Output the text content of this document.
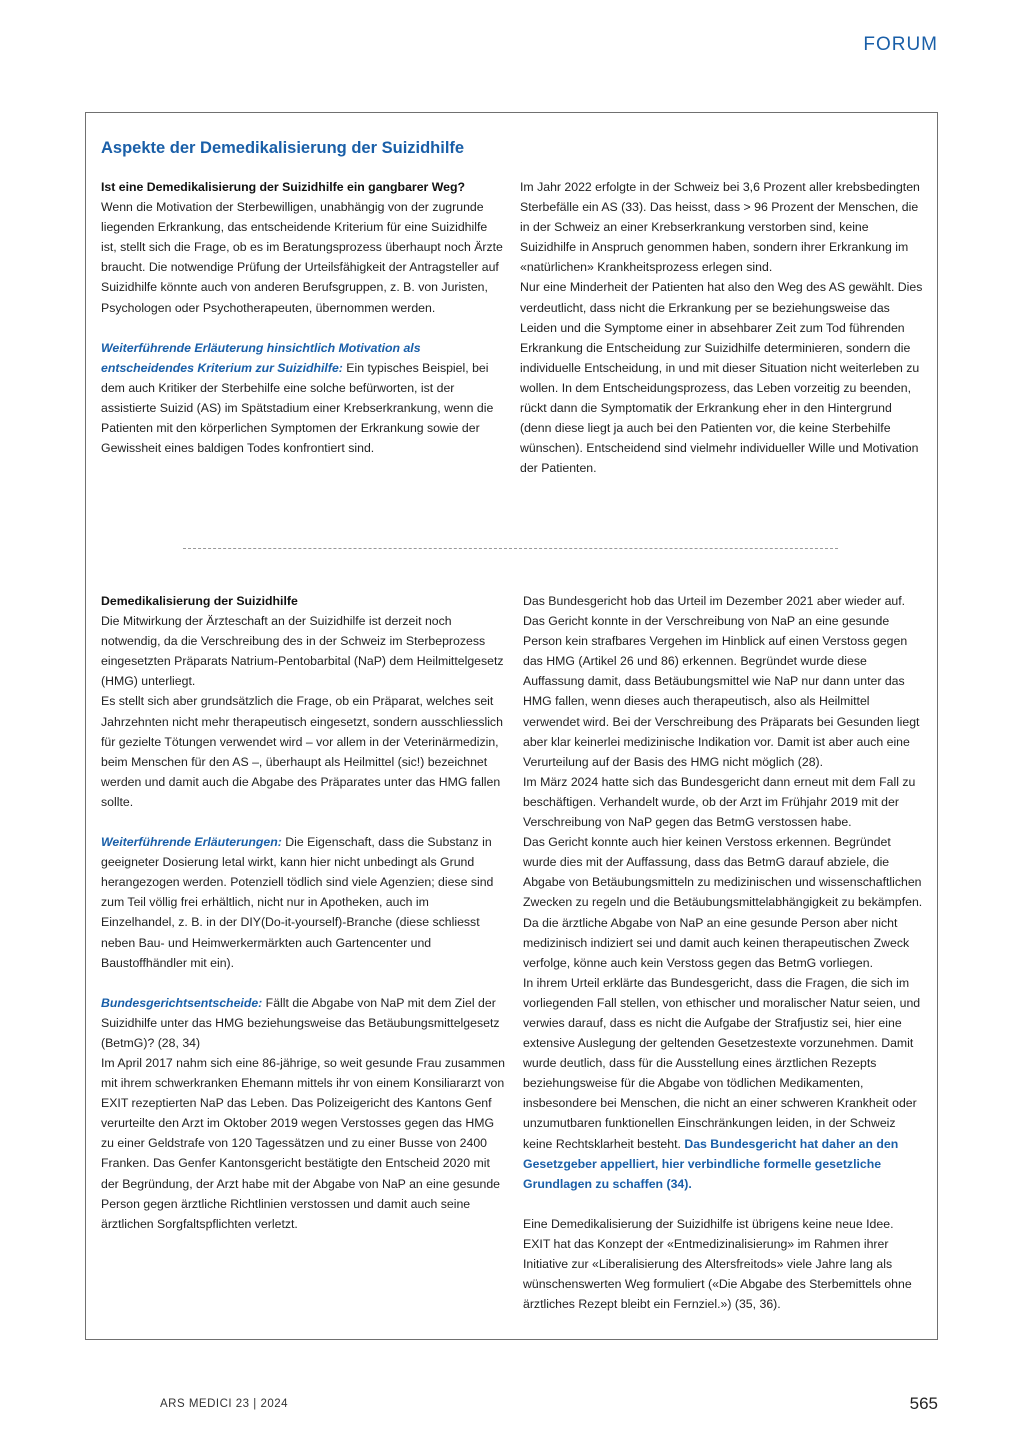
FORUM
Aspekte der Demedikalisierung der Suizidhilfe

Ist eine Demedikalisierung der Suizidhilfe ein gangbarer Weg?
Wenn die Motivation der Sterbewilligen, unabhängig von der zugrunde liegenden Erkrankung, das entscheidende Kriterium für eine Suizidhilfe ist, stellt sich die Frage, ob es im Beratungsprozess überhaupt noch Ärzte braucht. Die notwendige Prüfung der Urteilsfähigkeit der Antragsteller auf Suizidhilfe könnte auch von anderen Berufsgruppen, z. B. von Juristen, Psychologen oder Psychotherapeuten, übernommen werden.

Weiterführende Erläuterung hinsichtlich Motivation als entscheidendes Kriterium zur Suizidhilfe: Ein typisches Beispiel, bei dem auch Kritiker der Sterbehilfe eine solche befürworten, ist der assistierte Suizid (AS) im Spätstadium einer Krebserkrankung, wenn die Patienten mit den körperlichen Symptomen der Erkrankung sowie der Gewissheit eines baldigen Todes konfrontiert sind.

Im Jahr 2022 erfolgte in der Schweiz bei 3,6 Prozent aller krebsbedingten Sterbefälle ein AS (33). Das heisst, dass > 96 Prozent der Menschen, die in der Schweiz an einer Krebserkrankung verstorben sind, keine Suizidhilfe in Anspruch genommen haben, sondern ihrer Erkrankung im «natürlichen» Krankheitsprozess erlegen sind.

Nur eine Minderheit der Patienten hat also den Weg des AS gewählt. Dies verdeutlicht, dass nicht die Erkrankung per se beziehungsweise das Leiden und die Symptome einer in absehbarer Zeit zum Tod führenden Erkrankung die Entscheidung zur Suizidhilfe determinieren, sondern die individuelle Entscheidung, in und mit dieser Situation nicht weiterleben zu wollen. In dem Entscheidungsprozess, das Leben vorzeitig zu beenden, rückt dann die Symptomatik der Erkrankung eher in den Hintergrund (denn diese liegt ja auch bei den Patienten vor, die keine Sterbehilfe wünschen). Entscheidend sind vielmehr individueller Wille und Motivation der Patienten.

Demedikalisierung der Suizidhilfe
Die Mitwirkung der Ärzteschaft an der Suizidhilfe ist derzeit noch notwendig, da die Verschreibung des in der Schweiz im Sterbeprozess eingesetzten Präparats Natrium-Pentobarbital (NaP) dem Heilmittelgesetz (HMG) unterliegt.

Es stellt sich aber grundsätzlich die Frage, ob ein Präparat, welches seit Jahrzehnten nicht mehr therapeutisch eingesetzt, sondern ausschliesslich für gezielte Tötungen verwendet wird – vor allem in der Veterinärmedizin, beim Menschen für den AS –, überhaupt als Heilmittel (sic!) bezeichnet werden und damit auch die Abgabe des Präparates unter das HMG fallen sollte.

Weiterführende Erläuterungen: Die Eigenschaft, dass die Substanz in geeigneter Dosierung letal wirkt, kann hier nicht unbedingt als Grund herangezogen werden. Potenziell tödlich sind viele Agenzien; diese sind zum Teil völlig frei erhältlich, nicht nur in Apotheken, auch im Einzelhandel, z. B. in der DIY(Do-it-yourself)-Branche (diese schliesst neben Bau- und Heimwerkermärkten auch Gartencenter und Baustoffhändler mit ein).

Bundesgerichtsentscheide: Fällt die Abgabe von NaP mit dem Ziel der Suizidhilfe unter das HMG beziehungsweise das Betäubungsmittelgesetz (BetmG)? (28, 34)

Im April 2017 nahm sich eine 86-jährige, so weit gesunde Frau zusammen mit ihrem schwerkranken Ehemann mittels ihr von einem Konsiliararzt von EXIT rezeptierten NaP das Leben. Das Polizeigericht des Kantons Genf verurteilte den Arzt im Oktober 2019 wegen Verstosses gegen das HMG zu einer Geldstrafe von 120 Tagessätzen und zu einer Busse von 2400 Franken. Das Genfer Kantonsgericht bestätigte den Entscheid 2020 mit der Begründung, der Arzt habe mit der Abgabe von NaP an eine gesunde Person gegen ärztliche Richtlinien verstossen und damit auch seine ärztlichen Sorgfaltspflichten verletzt.

Das Bundesgericht hob das Urteil im Dezember 2021 aber wieder auf. Das Gericht konnte in der Verschreibung von NaP an eine gesunde Person kein strafbares Vergehen im Hinblick auf einen Verstoss gegen das HMG (Artikel 26 und 86) erkennen. Begründet wurde diese Auffassung damit, dass Betäubungsmittel wie NaP nur dann unter das HMG fallen, wenn dieses auch therapeutisch, also als Heilmittel verwendet wird. Bei der Verschreibung des Präparats bei Gesunden liegt aber klar keinerlei medizinische Indikation vor. Damit ist aber auch eine Verurteilung auf der Basis des HMG nicht möglich (28).

Im März 2024 hatte sich das Bundesgericht dann erneut mit dem Fall zu beschäftigen. Verhandelt wurde, ob der Arzt im Frühjahr 2019 mit der Verschreibung von NaP gegen das BetmG verstossen habe.

Das Gericht konnte auch hier keinen Verstoss erkennen. Begründet wurde dies mit der Auffassung, dass das BetmG darauf abziele, die Abgabe von Betäubungsmitteln zu medizinischen und wissenschaftlichen Zwecken zu regeln und die Betäubungsmittelabhängigkeit zu bekämpfen. Da die ärztliche Abgabe von NaP an eine gesunde Person aber nicht medizinisch indiziert sei und damit auch keinen therapeutischen Zweck verfolge, könne auch kein Verstoss gegen das BetmG vorliegen.

In ihrem Urteil erklärte das Bundesgericht, dass die Fragen, die sich im vorliegenden Fall stellen, von ethischer und moralischer Natur seien, und verwies darauf, dass es nicht die Aufgabe der Strafjustiz sei, hier eine extensive Auslegung der geltenden Gesetzestexte vorzunehmen. Damit wurde deutlich, dass für die Ausstellung eines ärztlichen Rezepts beziehungsweise für die Abgabe von tödlichen Medikamenten, insbesondere bei Menschen, die nicht an einer schweren Krankheit oder unzumutbaren funktionellen Einschränkungen leiden, in der Schweiz keine Rechtsklarheit besteht. Das Bundesgericht hat daher an den Gesetzgeber appelliert, hier verbindliche formelle gesetzliche Grundlagen zu schaffen (34).

Eine Demedikalisierung der Suizidhilfe ist übrigens keine neue Idee. EXIT hat das Konzept der «Entmedizinalisierung» im Rahmen ihrer Initiative zur «Liberalisierung des Altersfreitods» viele Jahre lang als wünschenswerten Weg formuliert («Die Abgabe des Sterbemittels ohne ärztliches Rezept bleibt ein Fernziel.») (35, 36).

ARS MEDICI 23 | 2024	565
